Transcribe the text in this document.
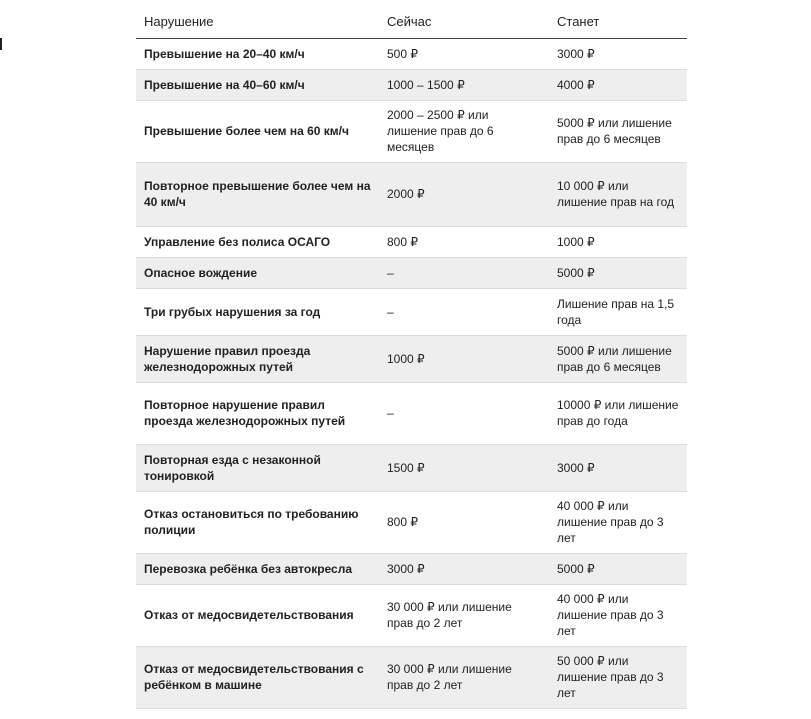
Нарушение	Сейчас	Станет
Превышение на 20–40 км/ч	500 ₽	3000 ₽
Превышение на 40–60 км/ч	1000 – 1500 ₽	4000 ₽
Превышение более чем на 60 км/ч	2000 – 2500 ₽ или лишение прав до 6 месяцев	5000 ₽ или лишение прав до 6 месяцев
Повторное превышение более чем на 40 км/ч	2000 ₽	10 000 ₽ или лишение прав на год
Управление без полиса ОСАГО	800 ₽	1000 ₽
Опасное вождение	–	5000 ₽
Три грубых нарушения за год	–	Лишение прав на 1,5 года
Нарушение правил проезда железнодорожных путей	1000 ₽	5000 ₽ или лишение прав до 6 месяцев
Повторное нарушение правил проезда железнодорожных путей	–	10000 ₽ или лишение прав до года
Повторная езда с незаконной тонировкой	1500 ₽	3000 ₽
Отказ остановиться по требованию полиции	800 ₽	40 000 ₽ или лишение прав до 3 лет
Перевозка ребёнка без автокресла	3000 ₽	5000 ₽
Отказ от медосвидетельствования	30 000 ₽ или лишение прав до 2 лет	40 000 ₽ или лишение прав до 3 лет
Отказ от медосвидетельствования с ребёнком в машине	30 000 ₽ или лишение прав до 2 лет	50 000 ₽ или лишение прав до 3 лет
